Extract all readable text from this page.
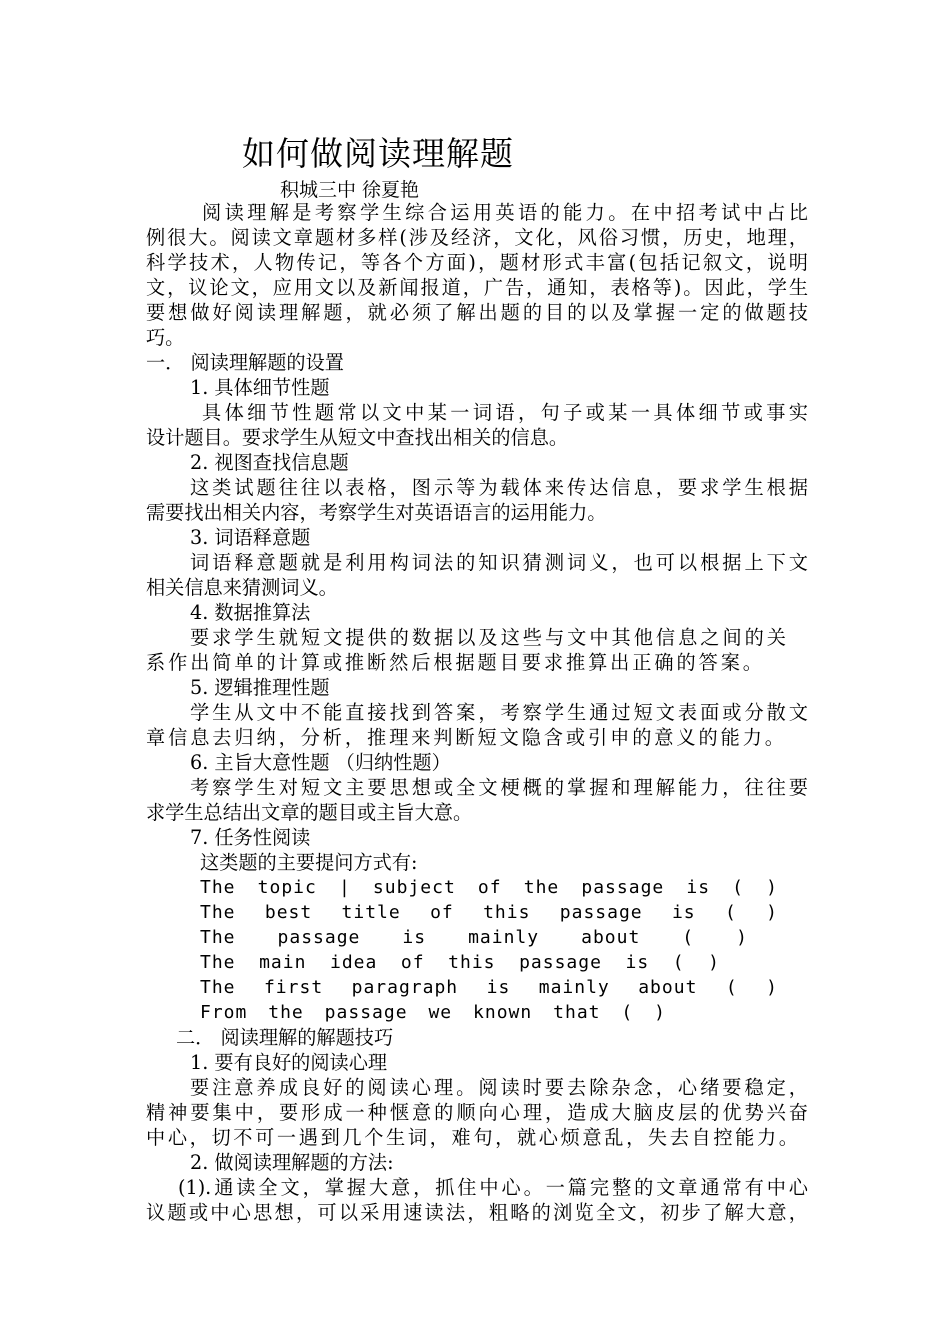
如何做阅读理解题
积城三中 徐夏艳
阅读理解是考察学生综合运用英语的能力。在中招考试中占比
例很大。阅读文章题材多样(涉及经济，文化，风俗习惯，历史，地理，
科学技术，人物传记，等各个方面)，题材形式丰富(包括记叙文，说明
文，议论文，应用文以及新闻报道，广告，通知，表格等)。因此，学生
要想做好阅读理解题，就必须了解出题的目的以及掌握一定的做题技
巧。
一． 阅读理解题的设置
1. 具体细节性题
具体细节性题常以文中某一词语，句子或某一具体细节或事实
设计题目。要求学生从短文中查找出相关的信息。
2. 视图查找信息题
这类试题往往以表格，图示等为载体来传达信息，要求学生根据
需要找出相关内容，考察学生对英语语言的运用能力。
3. 词语释意题
词语释意题就是利用构词法的知识猜测词义，也可以根据上下文
相关信息来猜测词义。
4. 数据推算法
要求学生就短文提供的数据以及这些与文中其他信息之间的关
系作出简单的计算或推断然后根据题目要求推算出正确的答案。
5. 逻辑推理性题
学生从文中不能直接找到答案，考察学生通过短文表面或分散文
章信息去归纳，分析，推理来判断短文隐含或引申的意义的能力。
6. 主旨大意性题 （归纳性题）
考察学生对短文主要思想或全文梗概的掌握和理解能力，往往要
求学生总结出文章的题目或主旨大意。
7. 任务性阅读
这类题的主要提问方式有:
The topic | subject of the passage is ( )
The best title of this passage is ( )
The passage is mainly about ( )
The main idea of this passage is ( )
The first paragraph is mainly about ( )
From the passage we known that ( )
二． 阅读理解的解题技巧
1. 要有良好的阅读心理
要注意养成良好的阅读心理。阅读时要去除杂念，心绪要稳定，
精神要集中，要形成一种惬意的顺向心理，造成大脑皮层的优势兴奋
中心，切不可一遇到几个生词，难句，就心烦意乱，失去自控能力。
2. 做阅读理解题的方法:
(1).通读全文，掌握大意，抓住中心。一篇完整的文章通常有中心
议题或中心思想，可以采用速读法，粗略的浏览全文，初步了解大意，
